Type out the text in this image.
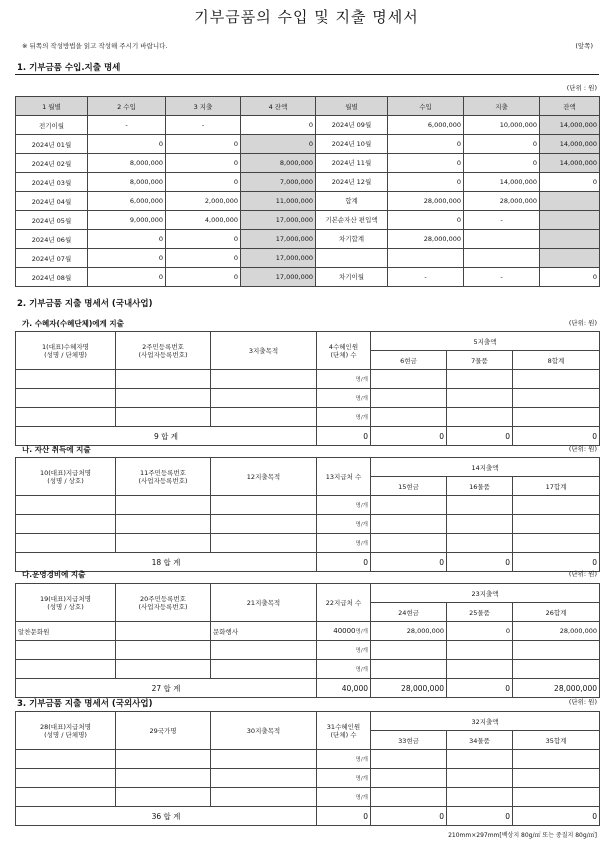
기부금품의 수입 및 지출 명세서
※ 뒤쪽의 작성방법을 읽고 작성해 주시기 바랍니다.	(앞쪽)
1. 기부금품 수입.지출 명세
(단위 : 원)
1 월별	2 수입	3 지출	4 잔액	월별	수입	지출	잔액
전기이월	-	-	0	2024년 09월	6,000,000	10,000,000	14,000,000
2024년 01월	0	0	0	2024년 10월	0	0	14,000,000
2024년 02월	8,000,000	0	8,000,000	2024년 11월	0	0	14,000,000
2024년 03월	8,000,000	0	7,000,000	2024년 12월	0	14,000,000	0
2024년 04월	6,000,000	2,000,000	11,000,000	합계	28,000,000	28,000,000	
2024년 05월	9,000,000	4,000,000	17,000,000	기본순자산 편입액	0	-	
2024년 06월	0	0	17,000,000	차기합계	28,000,000		
2024년 07월	0	0	17,000,000				
2024년 08월	0	0	17,000,000	차기이월	-	-	0
2. 기부금품 지출 명세서 (국내사업)
가. 수혜자(수혜단체)에게 지출	(단위: 원)
1(대표)수혜자명
(성명 / 단체명)	2주민등록번호
(사업자등록번호)	3지출목적	4수혜인원
(단체) 수	5지출액		
				6현금	7물품	8합계
			명/개			
			명/개			
			명/개			
9 합 계			0	0	0	0
나. 자산 취득에 지출	(단위: 원)
10(대표)지급처명
(성명 / 상호)	11주민등록번호
(사업자등록번호)	12지출목적	13지급처 수	14지출액		
				15현금	16물품	17합계
			명/개			
			명/개			
			명/개			
18 합 계			0	0	0	0
다.운영경비에 지출	(단위: 원)
19(대표)지급처명
(성명 / 상호)	20주민등록번호
(사업자등록번호)	21지출목적	22지급처 수	23지출액		
				24현금	25물품	26합계
알찬문화원		문화행사	40000명/개	28,000,000	0	28,000,000
			명/개			
			명/개			
27 합 계			40,000	28,000,000	0	28,000,000
3. 기부금품 지출 명세서 (국외사업)	(단위: 원)
28(대표)지급처명
(성명 / 단체명)	29국가명	30지출목적	31수혜인원
(단체) 수	32지출액		
				33현금	34물품	35합계
			명/개			
			명/개			
			명/개			
36 합 계			0	0	0	0
210mm×297mm[백상지 80g/㎡ 또는 중질지 80g/㎡]
